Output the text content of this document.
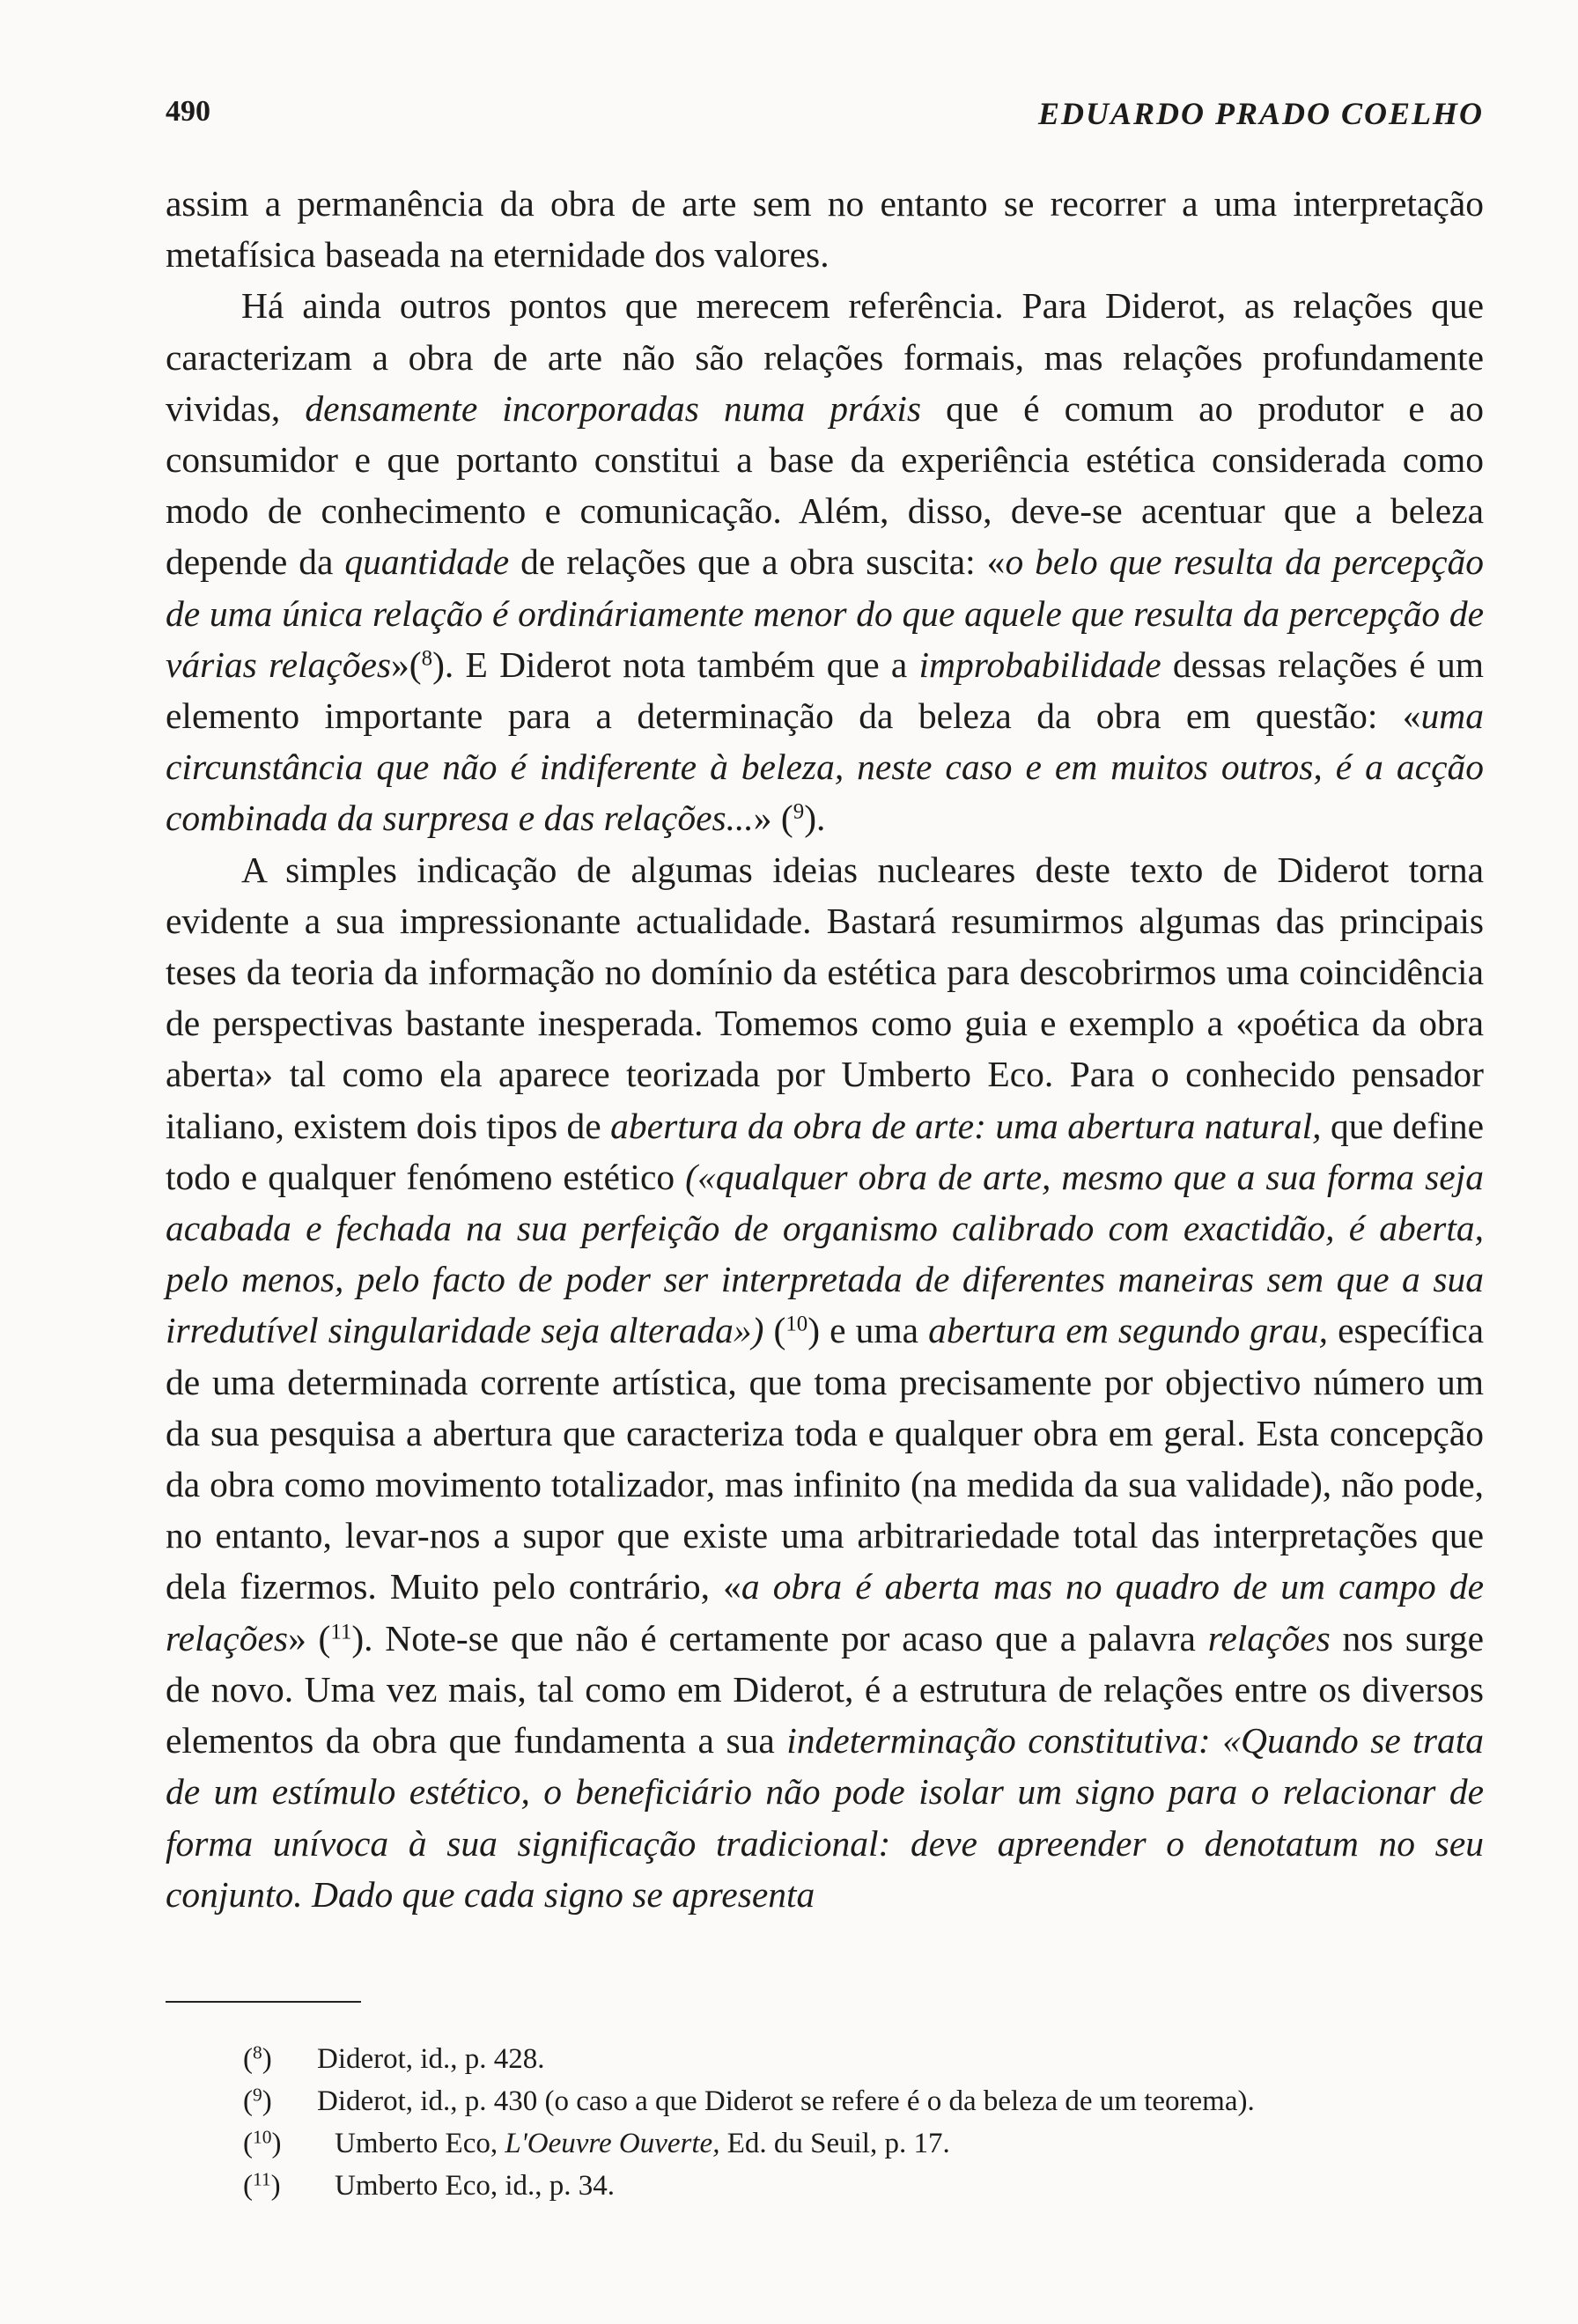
490	EDUARDO PRADO COELHO

assim a permanência da obra de arte sem no entanto se recorrer a uma interpretação metafísica baseada na eternidade dos valores.

Há ainda outros pontos que merecem referência. Para Diderot, as relações que caracterizam a obra de arte não são relações formais, mas relações profundamente vividas, densamente incorporadas numa práxis que é comum ao produtor e ao consumidor e que portanto constitui a base da experiência estética considerada como modo de conhecimento e comunicação. Além, disso, deve-se acentuar que a beleza depende da quantidade de relações que a obra suscita: «o belo que resulta da percepção de uma única relação é ordináriamente menor do que aquele que resulta da percepção de várias relações»($^8$). E Diderot nota também que a improbabilidade dessas relações é um elemento importante para a determinação da beleza da obra em questão: «uma circunstância que não é indiferente à beleza, neste caso e em muitos outros, é a acção combinada da surpresa e das relações...» ($^9$).

A simples indicação de algumas ideias nucleares deste texto de Diderot torna evidente a sua impressionante actualidade. Bastará resumirmos algumas das principais teses da teoria da informação no domínio da estética para descobrirmos uma coincidência de perspectivas bastante inesperada. Tomemos como guia e exemplo a «poética da obra aberta» tal como ela aparece teorizada por Umberto Eco. Para o conhecido pensador italiano, existem dois tipos de abertura da obra de arte: uma abertura natural, que define todo e qualquer fenómeno estético («qualquer obra de arte, mesmo que a sua forma seja acabada e fechada na sua perfeição de organismo calibrado com exactidão, é aberta, pelo menos, pelo facto de poder ser interpretada de diferentes maneiras sem que a sua irredutível singularidade seja alterada») ($^{10}$) e uma abertura em segundo grau, específica de uma determinada corrente artística, que toma precisamente por objectivo número um da sua pesquisa a abertura que caracteriza toda e qualquer obra em geral. Esta concepção da obra como movimento totalizador, mas infinito (na medida da sua validade), não pode, no entanto, levar-nos a supor que existe uma arbitrariedade total das interpretações que dela fizermos. Muito pelo contrário, «a obra é aberta mas no quadro de um campo de relações» ($^{11}$). Note-se que não é certamente por acaso que a palavra relações nos surge de novo. Uma vez mais, tal como em Diderot, é a estrutura de relações entre os diversos elementos da obra que fundamenta a sua indeterminação constitutiva: «Quando se trata de um estímulo estético, o beneficiário não pode isolar um signo para o relacionar de forma unívoca à sua significação tradicional: deve apreender o denotatum no seu conjunto. Dado que cada signo se apresenta

($^8$) Diderot, id., p. 428.
($^9$) Diderot, id., p. 430 (o caso a que Diderot se refere é o da beleza de um teorema).
($^{10}$) Umberto Eco, L'Oeuvre Ouverte, Ed. du Seuil, p. 17.
($^{11}$) Umberto Eco, id., p. 34.
